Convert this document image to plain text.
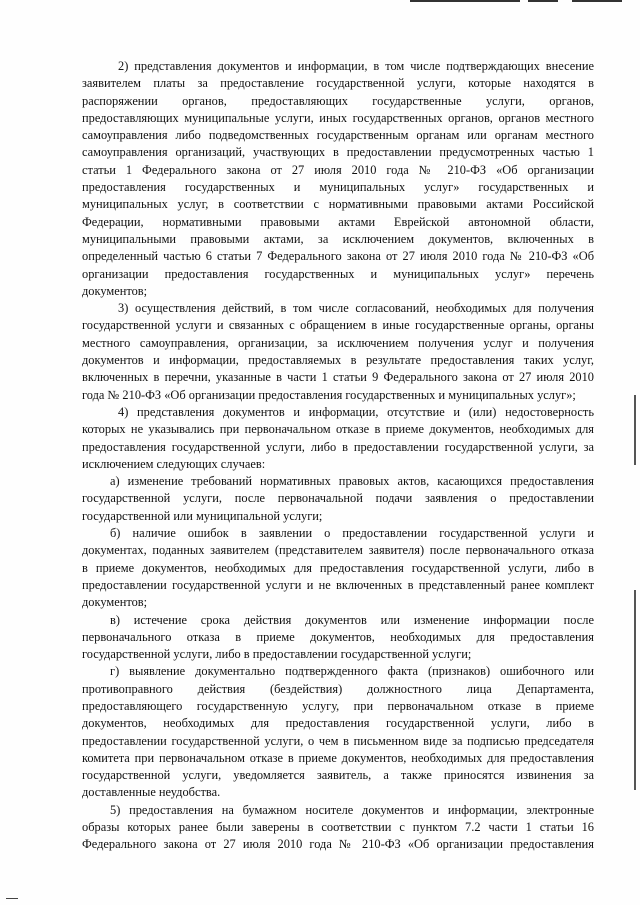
2) представления документов и информации, в том числе подтверждающих внесение
заявителем платы за предоставление государственной услуги, которые находятся в
распоряжении органов, предоставляющих государственные услуги, органов,
предоставляющих муниципальные услуги, иных государственных органов, органов местного
самоуправления либо подведомственных государственным органам или органам местного
самоуправления организаций, участвующих в предоставлении предусмотренных частью 1
статьи 1 Федерального закона от 27 июля 2010 года № 210-ФЗ «Об организации
предоставления государственных и муниципальных услуг» государственных и
муниципальных услуг, в соответствии с нормативными правовыми актами Российской
Федерации, нормативными правовыми актами Еврейской автономной области,
муниципальными правовыми актами, за исключением документов, включенных в
определенный частью 6 статьи 7 Федерального закона от 27 июля 2010 года № 210-ФЗ «Об
организации предоставления государственных и муниципальных услуг» перечень
документов;
3) осуществления действий, в том числе согласований, необходимых для получения
государственной услуги и связанных с обращением в иные государственные органы, органы
местного самоуправления, организации, за исключением получения услуг и получения
документов и информации, предоставляемых в результате предоставления таких услуг,
включенных в перечни, указанные в части 1 статьи 9 Федерального закона от 27 июля 2010
года № 210-ФЗ «Об организации предоставления государственных и муниципальных услуг»;
4) представления документов и информации, отсутствие и (или) недостоверность
которых не указывались при первоначальном отказе в приеме документов, необходимых для
предоставления государственной услуги, либо в предоставлении государственной услуги, за
исключением следующих случаев:
а) изменение требований нормативных правовых актов, касающихся предоставления
государственной услуги, после первоначальной подачи заявления о предоставлении
государственной или муниципальной услуги;
б) наличие ошибок в заявлении о предоставлении государственной услуги и
документах, поданных заявителем (представителем заявителя) после первоначального отказа
в приеме документов, необходимых для предоставления государственной услуги, либо в
предоставлении государственной услуги и не включенных в представленный ранее комплект
документов;
в) истечение срока действия документов или изменение информации после
первоначального отказа в приеме документов, необходимых для предоставления
государственной услуги, либо в предоставлении государственной услуги;
г) выявление документально подтвержденного факта (признаков) ошибочного или
противоправного действия (бездействия) должностного лица Департамента,
предоставляющего государственную услугу, при первоначальном отказе в приеме
документов, необходимых для предоставления государственной услуги, либо в
предоставлении государственной услуги, о чем в письменном виде за подписью председателя
комитета при первоначальном отказе в приеме документов, необходимых для предоставления
государственной услуги, уведомляется заявитель, а также приносятся извинения за
доставленные неудобства.
5) предоставления на бумажном носителе документов и информации, электронные
образы которых ранее были заверены в соответствии с пунктом 7.2 части 1 статьи 16
Федерального закона от 27 июля 2010 года № 210-ФЗ «Об организации предоставления
